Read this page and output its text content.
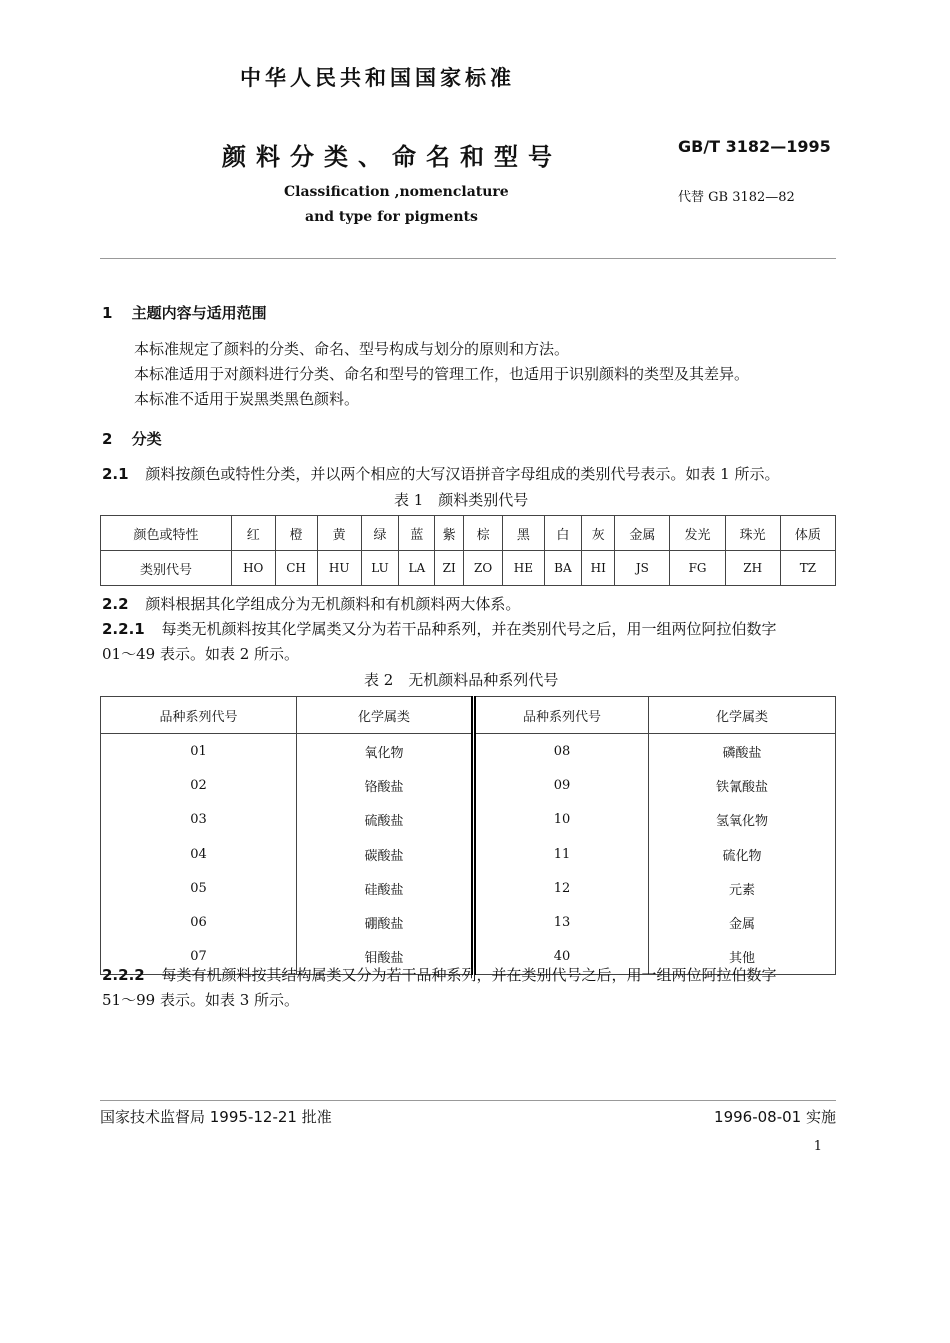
中华人民共和国国家标准
颜料分类、命名和型号	GB/T 3182—1995
Classification ,nomenclature
and type for pigments
代替 GB 3182—82
1 主题内容与适用范围
本标准规定了颜料的分类、命名、型号构成与划分的原则和方法。
本标准适用于对颜料进行分类、命名和型号的管理工作，也适用于识别颜料的类型及其差异。
本标准不适用于炭黑类黑色颜料。
2 分类
2.1 颜料按颜色或特性分类，并以两个相应的大写汉语拼音字母组成的类别代号表示。如表 1 所示。
表 1　颜料类别代号
颜色或特性	红	橙	黄	绿	蓝	紫	棕	黑	白	灰	金属	发光	珠光	体质
类别代号	HO	CH	HU	LU	LA	ZI	ZO	HE	BA	HI	JS	FG	ZH	TZ
2.2 颜料根据其化学组成分为无机颜料和有机颜料两大体系。
2.2.1 每类无机颜料按其化学属类又分为若干品种系列，并在类别代号之后，用一组两位阿拉伯数字
01～49 表示。如表 2 所示。
表 2　无机颜料品种系列代号
品种系列代号	化学属类	品种系列代号	化学属类
01	氧化物	08	磷酸盐
02	铬酸盐	09	铁氰酸盐
03	硫酸盐	10	氢氧化物
04	碳酸盐	11	硫化物
05	硅酸盐	12	元素
06	硼酸盐	13	金属
07	钼酸盐	40	其他
2.2.2 每类有机颜料按其结构属类又分为若干品种系列，并在类别代号之后，用一组两位阿拉伯数字
51～99 表示。如表 3 所示。
国家技术监督局 1995-12-21 批准	1996-08-01 实施
1
